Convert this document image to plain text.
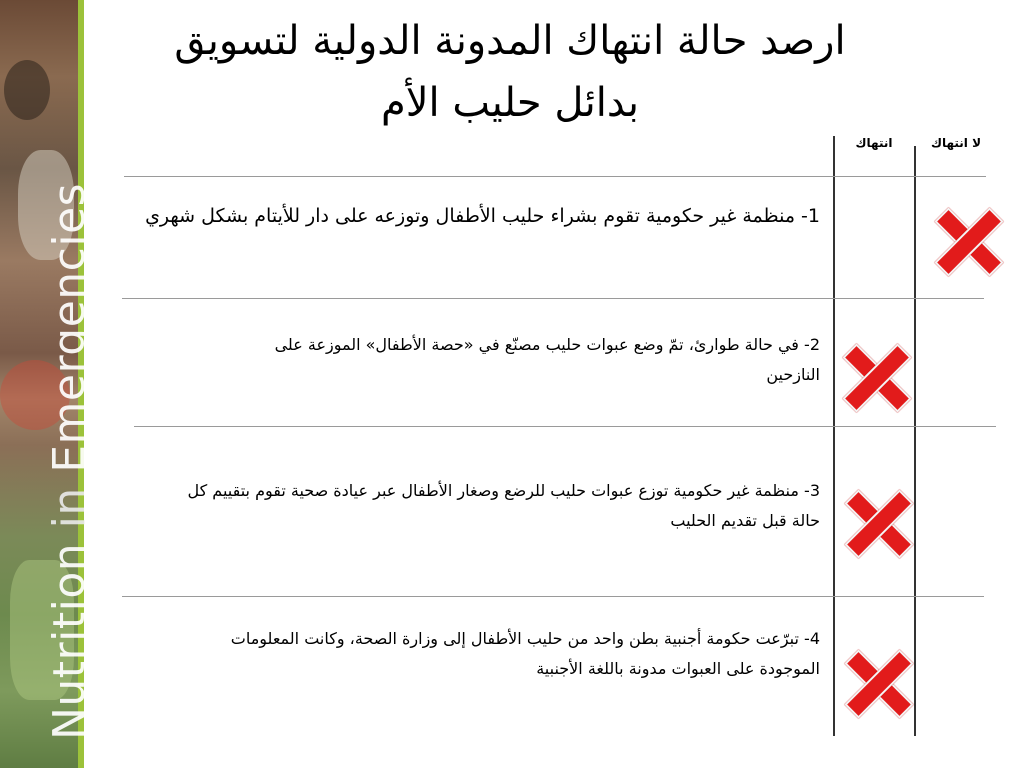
Nutrition in Emergencies
ارصد حالة انتهاك المدونة الدولية لتسويق
بدائل حليب الأم
انتهاك	لا انتهاك
1- منظمة غير حكومية تقوم بشراء حليب الأطفال وتوزعه على دار للأيتام بشكل شهري
2- في حالة طوارئ، تمّ وضع عبوات حليب مصنّع في «حصة الأطفال» الموزعة على النازحين
3- منظمة غير حكومية توزع عبوات حليب للرضع وصغار الأطفال عبر عيادة صحية تقوم بتقييم كل حالة قبل تقديم الحليب
4- تبرّعت حكومة أجنبية بطن واحد من حليب الأطفال إلى وزارة الصحة، وكانت المعلومات الموجودة على العبوات مدونة باللغة الأجنبية
